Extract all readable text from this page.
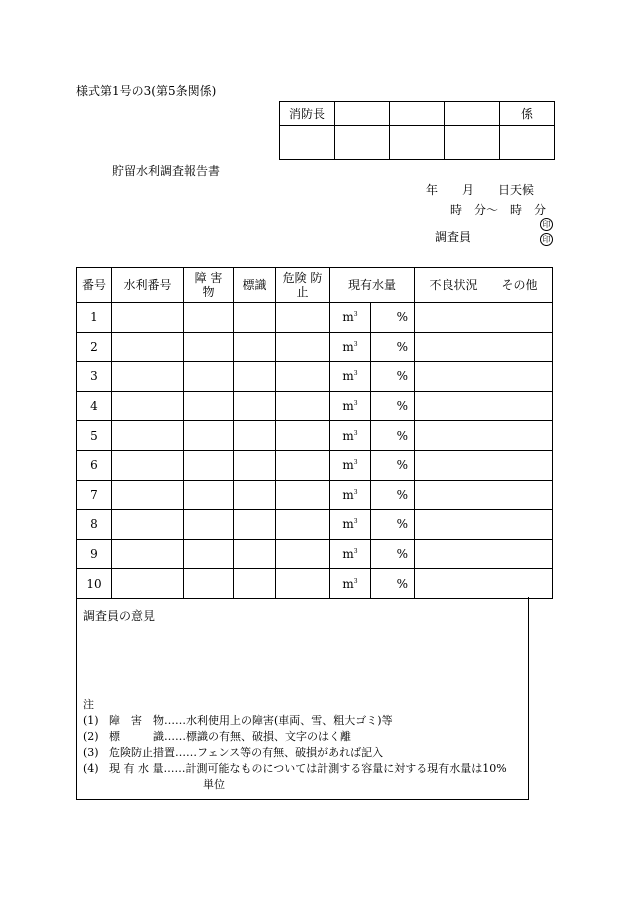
様式第1号の3(第5条関係)
消防長				係

貯留水利調査報告書
年　　月　　日天候
時　分〜　時　分
印
調査員	印
番号	水利番号	障 害 物	標識	危険 防止	現有水量		不良状況　　その他
1					$m^3$	%	
2					$m^3$	%	
3					$m^3$	%	
4					$m^3$	%	
5					$m^3$	%	
6					$m^3$	%	
7					$m^3$	%	
8					$m^3$	%	
9					$m^3$	%	
10					$m^3$	%	
調査員の意見
注
(1) 障　害　物……水利使用上の障害(車両、雪、粗大ゴミ)等
(2) 標　　　識……標識の有無、破損、文字のはく離
(3) 危険防止措置……フェンス等の有無、破損があれば記入
(4) 現 有 水 量……計測可能なものについては計測する容量に対する現有水量は10%
単位
